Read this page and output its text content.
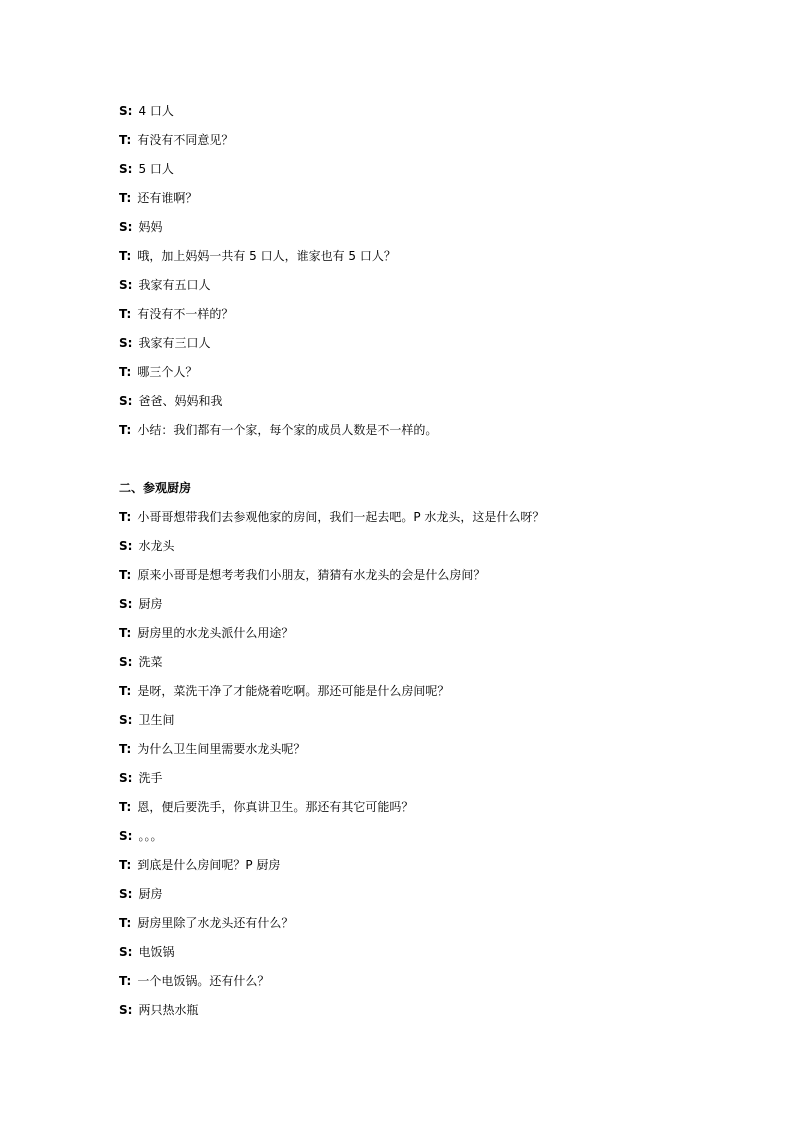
S: 4 口人
T: 有没有不同意见？
S: 5 口人
T: 还有谁啊？
S: 妈妈
T: 哦，加上妈妈一共有 5 口人，谁家也有 5 口人？
S: 我家有五口人
T: 有没有不一样的？
S: 我家有三口人
T: 哪三个人？
S: 爸爸、妈妈和我
T: 小结：我们都有一个家，每个家的成员人数是不一样的。
二、参观厨房
T: 小哥哥想带我们去参观他家的房间，我们一起去吧。P 水龙头，这是什么呀？
S: 水龙头
T: 原来小哥哥是想考考我们小朋友，猜猜有水龙头的会是什么房间？
S: 厨房
T: 厨房里的水龙头派什么用途？
S: 洗菜
T: 是呀，菜洗干净了才能烧着吃啊。那还可能是什么房间呢？
S: 卫生间
T: 为什么卫生间里需要水龙头呢？
S: 洗手
T: 恩，便后要洗手，你真讲卫生。那还有其它可能吗？
S: 。。。
T: 到底是什么房间呢？P 厨房
S: 厨房
T: 厨房里除了水龙头还有什么？
S: 电饭锅
T: 一个电饭锅。还有什么？
S: 两只热水瓶
